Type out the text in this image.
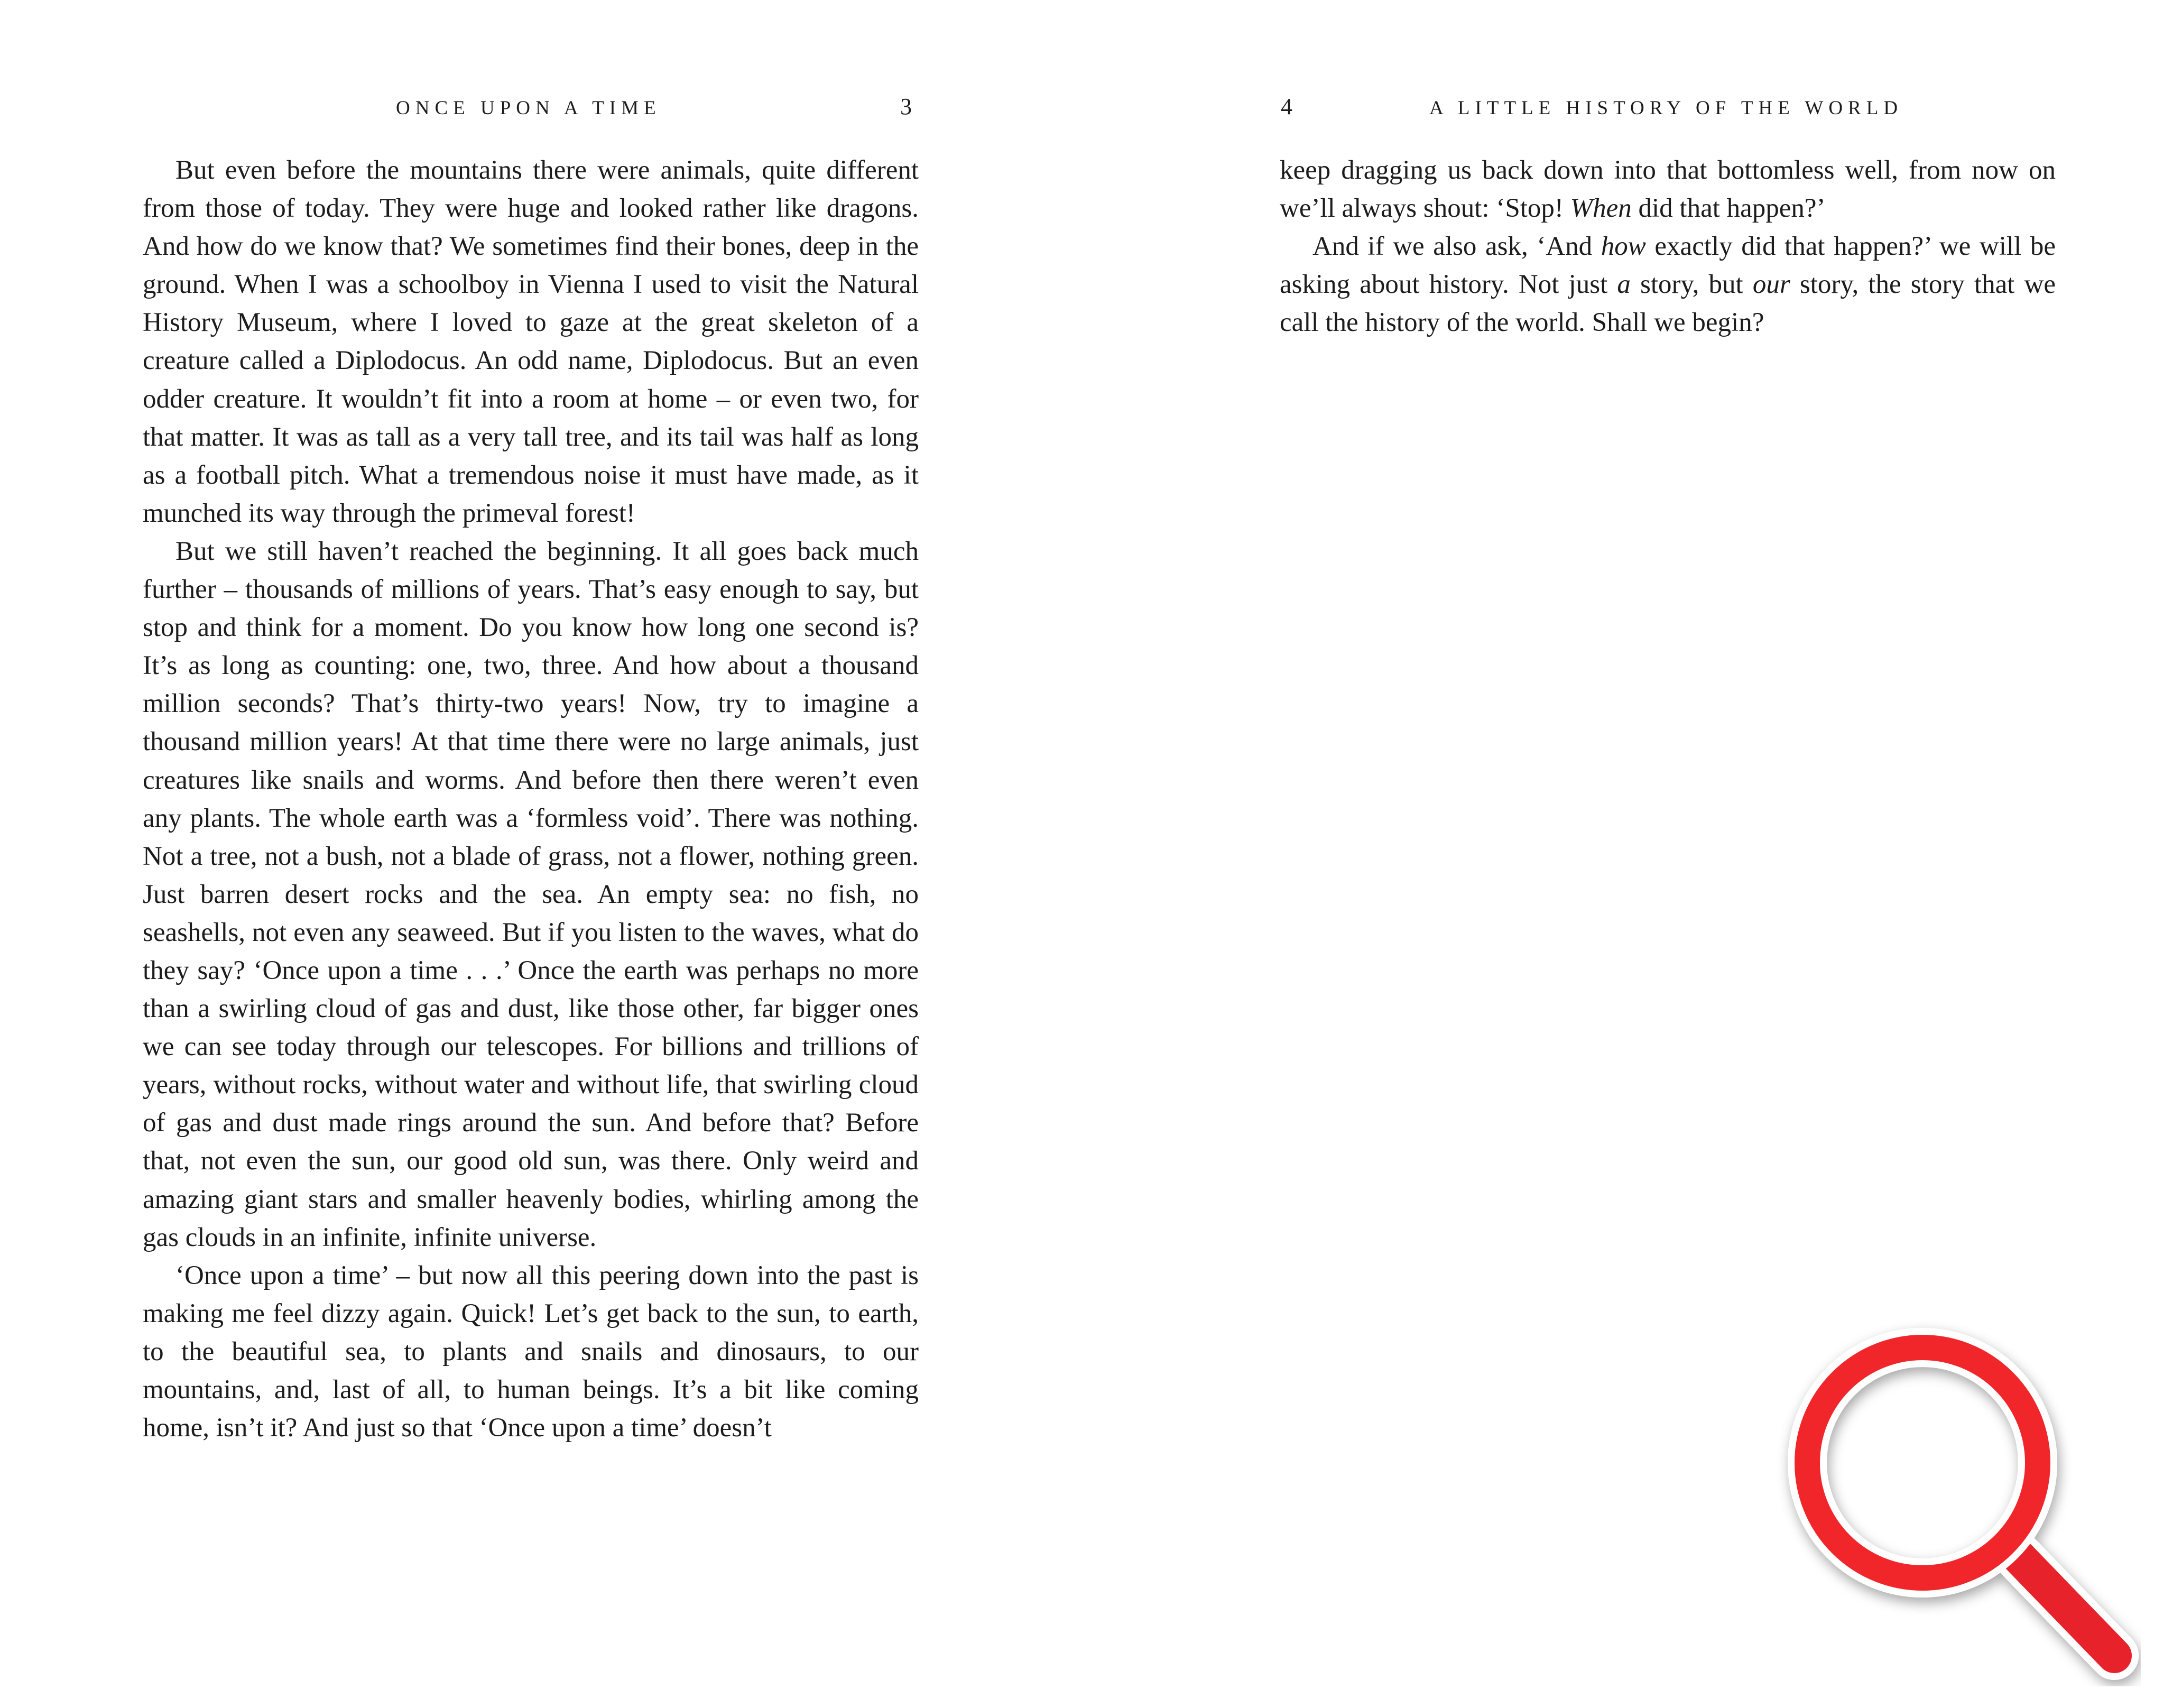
ONCE UPON A TIME	3

But even before the mountains there were animals, quite different from those of today. They were huge and looked rather like dragons. And how do we know that? We sometimes find their bones, deep in the ground. When I was a schoolboy in Vienna I used to visit the Natural History Museum, where I loved to gaze at the great skeleton of a creature called a Diplodocus. An odd name, Diplodocus. But an even odder creature. It wouldn’t fit into a room at home – or even two, for that matter. It was as tall as a very tall tree, and its tail was half as long as a football pitch. What a tremendous noise it must have made, as it munched its way through the primeval forest!

But we still haven’t reached the beginning. It all goes back much further – thousands of millions of years. That’s easy enough to say, but stop and think for a moment. Do you know how long one second is? It’s as long as counting: one, two, three. And how about a thousand million seconds? That’s thirty-two years! Now, try to imagine a thousand million years! At that time there were no large animals, just creatures like snails and worms. And before then there weren’t even any plants. The whole earth was a ‘formless void’. There was nothing. Not a tree, not a bush, not a blade of grass, not a flower, nothing green. Just barren desert rocks and the sea. An empty sea: no fish, no seashells, not even any seaweed. But if you listen to the waves, what do they say? ‘Once upon a time . . .’ Once the earth was perhaps no more than a swirling cloud of gas and dust, like those other, far bigger ones we can see today through our telescopes. For billions and trillions of years, without rocks, without water and without life, that swirling cloud of gas and dust made rings around the sun. And before that? Before that, not even the sun, our good old sun, was there. Only weird and amazing giant stars and smaller heavenly bodies, whirling among the gas clouds in an infinite, infinite universe.

‘Once upon a time’ – but now all this peering down into the past is making me feel dizzy again. Quick! Let’s get back to the sun, to earth, to the beautiful sea, to plants and snails and dinosaurs, to our mountains, and, last of all, to human beings. It’s a bit like coming home, isn’t it? And just so that ‘Once upon a time’ doesn’t

4	A LITTLE HISTORY OF THE WORLD

keep dragging us back down into that bottomless well, from now on we’ll always shout: ‘Stop! When did that happen?’

And if we also ask, ‘And how exactly did that happen?’ we will be asking about history. Not just a story, but our story, the story that we call the history of the world. Shall we begin?
